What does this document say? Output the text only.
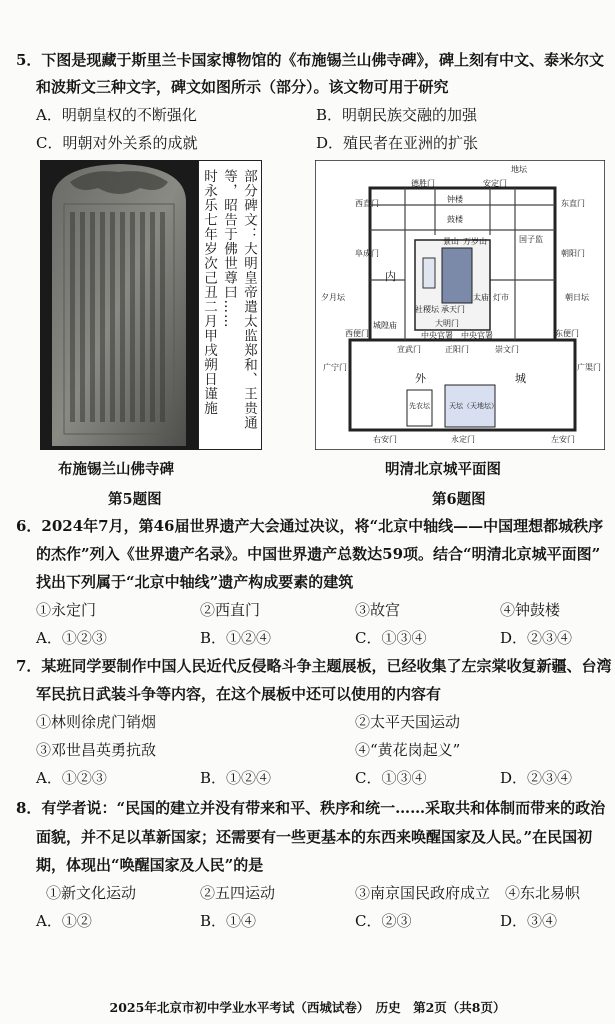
5．下图是现藏于斯里兰卡国家博物馆的《布施锡兰山佛寺碑》，碑上刻有中文、泰米尔文
和波斯文三种文字，碑文如图所示（部分）。该文物可用于研究
A．明朝皇权的不断强化	B．明朝民族交融的加强
C．明朝对外关系的成就	D．殖民者在亚洲的扩张
部分碑文：大明皇帝遣太监郑和、王贵通
等，昭告于佛世尊曰……
时永乐七年岁次己丑二月甲戌朔日谨施	德胜门	安定门
地坛
西直门	东直门
钟楼
鼓楼
国子监
阜成门	朝阳门
景山 万岁山
内
夕月坛	朝日坛
灯市
承天门
太庙
社稷坛
城隍庙
西便门	东便门
大明门
中央官署 中央官署
宣武门	正阳门	崇文门
广宁门	广渠门
外	城
先农坛	天坛（天地坛）
右安门	永定门	左安门
布施锡兰山佛寺碑	明清北京城平面图
第5题图	第6题图
6．2024年7月，第46届世界遗产大会通过决议，将“北京中轴线——中国理想都城秩序
的杰作”列入《世界遗产名录》。中国世界遗产总数达59项。结合“明清北京城平面图”
找出下列属于“北京中轴线”遗产构成要素的建筑
①永定门	②西直门	③故宫	④钟鼓楼
A．①②③	B．①②④	C．①③④	D．②③④
7．某班同学要制作中国人民近代反侵略斗争主题展板，已经收集了左宗棠收复新疆、台湾
军民抗日武装斗争等内容，在这个展板中还可以使用的内容有
①林则徐虎门销烟	②太平天国运动
③邓世昌英勇抗敌	④“黄花岗起义”
A．①②③	B．①②④	C．①③④	D．②③④
8．有学者说：“民国的建立并没有带来和平、秩序和统一……采取共和体制而带来的政治
面貌，并不足以革新国家；还需要有一些更基本的东西来唤醒国家及人民。”在民国初
期，体现出“唤醒国家及人民”的是
①新文化运动	②五四运动	③南京国民政府成立 ④东北易帜
A．①②	B．①④	C．②③	D．③④
2025年北京市初中学业水平考试（西城试卷）　历史　第2页（共8页）
